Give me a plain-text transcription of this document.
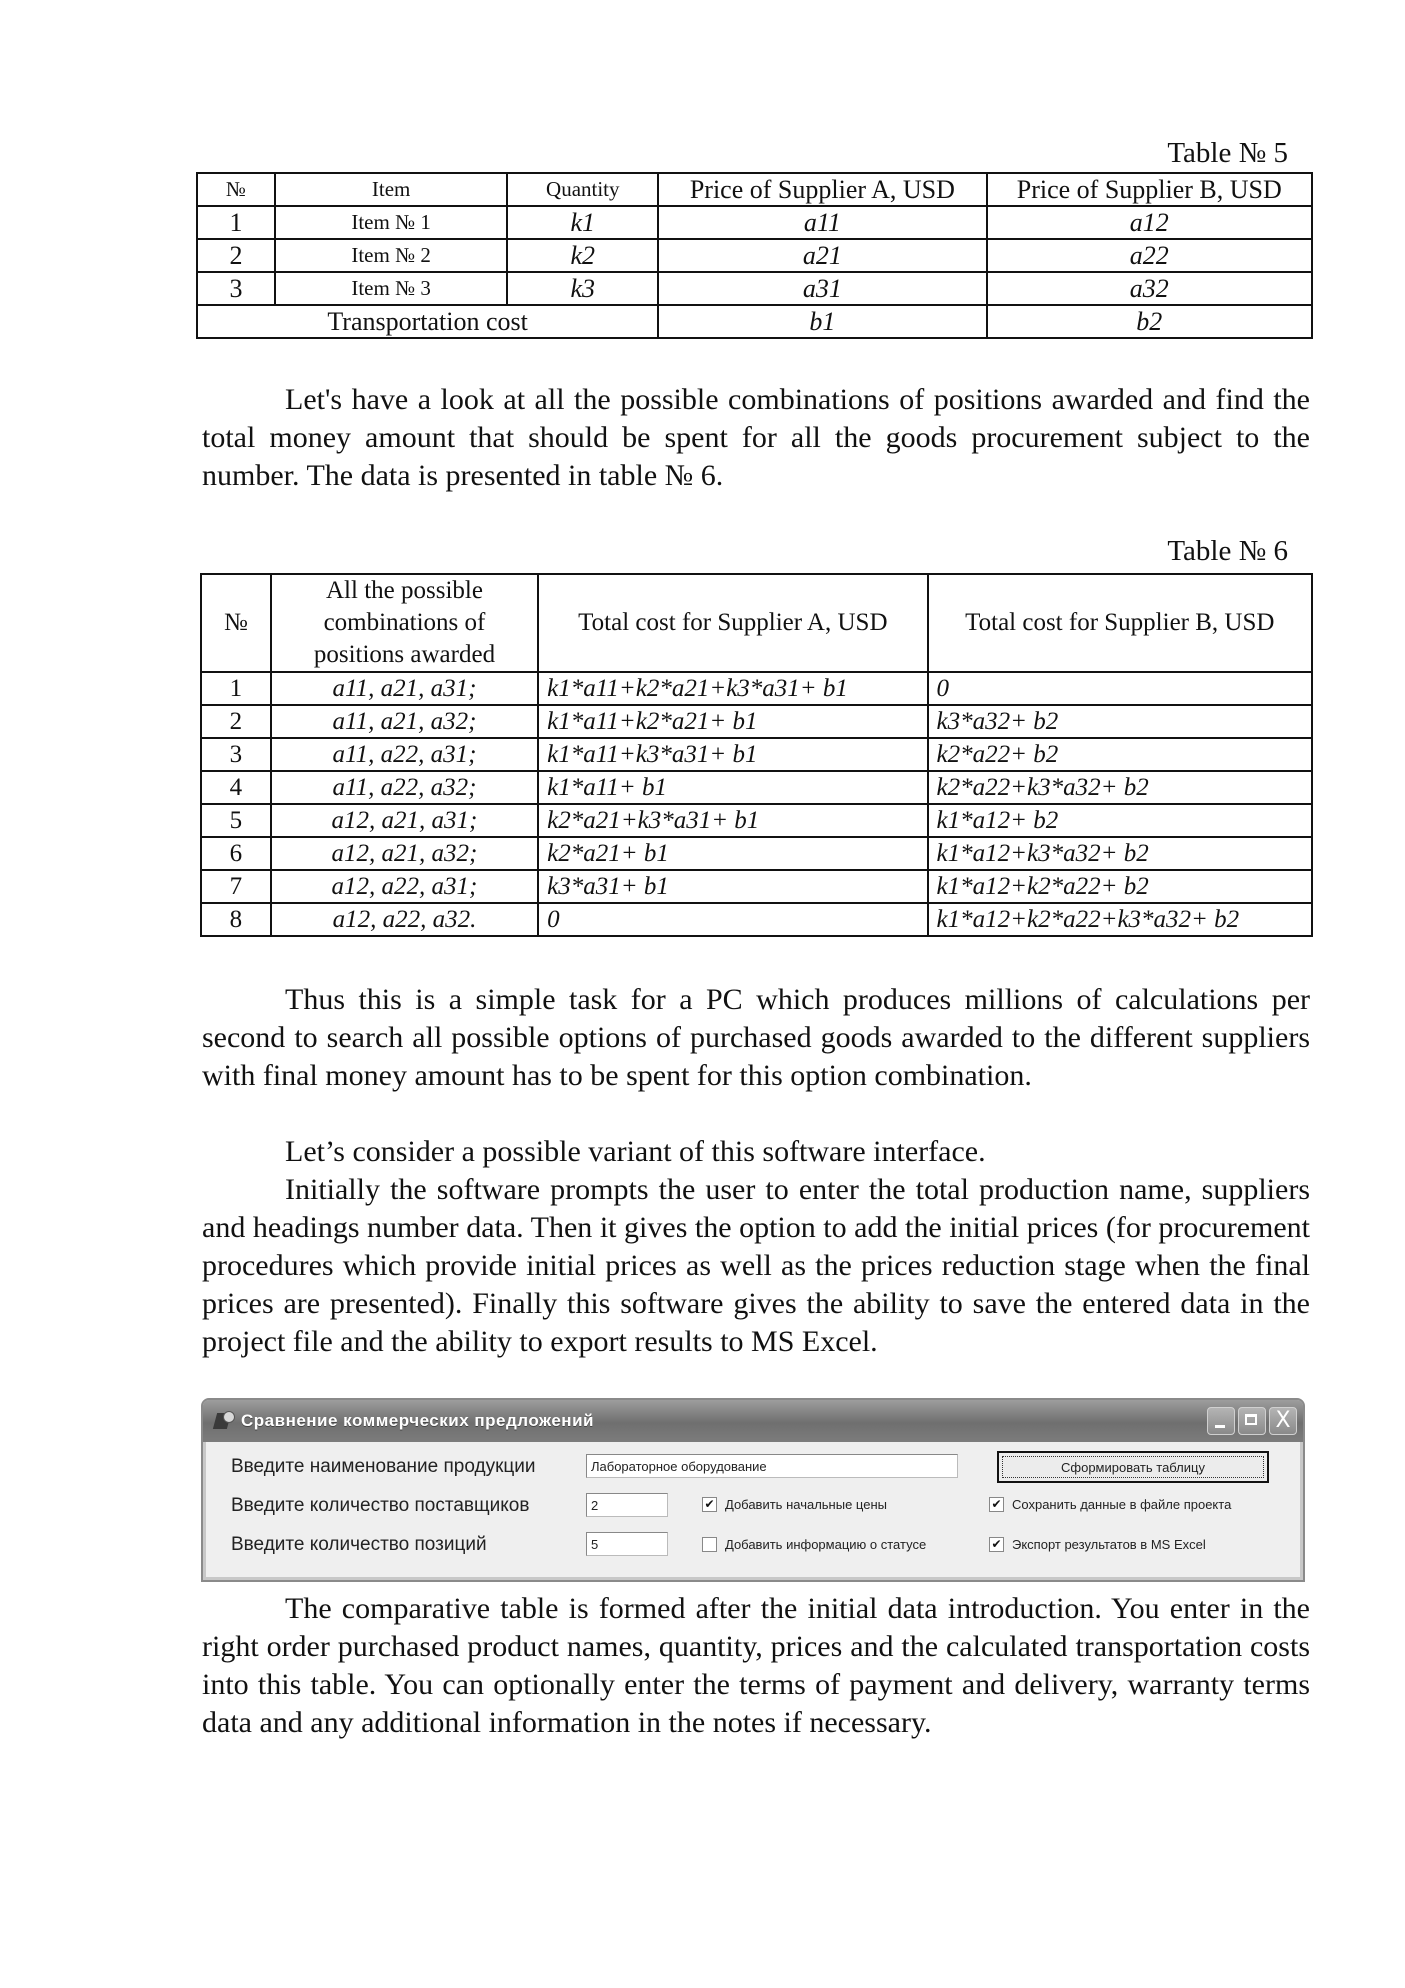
Table № 5
№	Item	Quantity	Price of Supplier A, USD	Price of Supplier B, USD
1	Item № 1	k1	a11	a12
2	Item № 2	k2	a21	a22
3	Item № 3	k3	a31	a32
Transportation cost			b1	b2

Let's have a look at all the possible combinations of positions awarded and find the total money amount that should be spent for all the goods procurement subject to the number. The data is presented in table № 6.

Table № 6
№	All the possible combinations of positions awarded	Total cost for Supplier A, USD	Total cost for Supplier B, USD
1	a11, a21, a31;	k1*a11+k2*a21+k3*a31+ b1	0
2	a11, a21, a32;	k1*a11+k2*a21+ b1	k3*a32+ b2
3	a11, a22, a31;	k1*a11+k3*a31+ b1	k2*a22+ b2
4	a11, a22, a32;	k1*a11+ b1	k2*a22+k3*a32+ b2
5	a12, a21, a31;	k2*a21+k3*a31+ b1	k1*a12+ b2
6	a12, a21, a32;	k2*a21+ b1	k1*a12+k3*a32+ b2
7	a12, a22, a31;	k3*a31+ b1	k1*a12+k2*a22+ b2
8	a12, a22, a32.	0	k1*a12+k2*a22+k3*a32+ b2

Thus this is a simple task for a PC which produces millions of calculations per second to search all possible options of purchased goods awarded to the different suppliers with final money amount has to be spent for this option combination.

Let’s consider a possible variant of this software interface.

Initially the software prompts the user to enter the total production name, suppliers and headings number data. Then it gives the option to add the initial prices (for procurement procedures which provide initial prices as well as the prices reduction stage when the final prices are presented). Finally this software gives the ability to save the entered data in the project file and the ability to export results to MS Excel.

Сравнение коммерческих предложений	X
Введите наименование продукции	Лабораторное оборудование	Сформировать таблицу
Введите количество поставщиков	2
Введите количество позиций	5
✔ Добавить начальные цены
Добавить информацию о статусе
✔ Сохранить данные в файле проекта
✔ Экспорт результатов в MS Excel

The comparative table is formed after the initial data introduction. You enter in the right order purchased product names, quantity, prices and the calculated transportation costs into this table. You can optionally enter the terms of payment and delivery, warranty terms data and any additional information in the notes if necessary.
